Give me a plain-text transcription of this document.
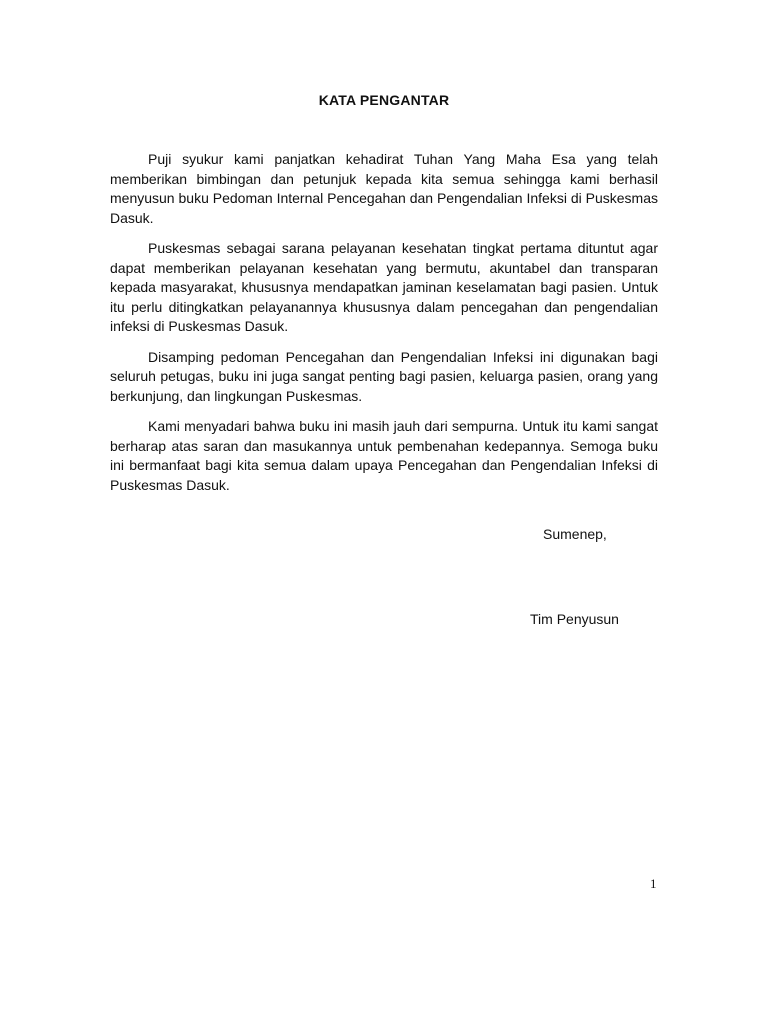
KATA PENGANTAR

Puji syukur kami panjatkan kehadirat Tuhan Yang Maha Esa yang telah memberikan bimbingan dan petunjuk kepada kita semua sehingga kami berhasil menyusun buku Pedoman Internal Pencegahan dan Pengendalian Infeksi di Puskesmas Dasuk.

Puskesmas sebagai sarana pelayanan kesehatan tingkat pertama dituntut agar dapat memberikan pelayanan kesehatan yang bermutu, akuntabel dan transparan kepada masyarakat, khususnya mendapatkan jaminan keselamatan bagi pasien. Untuk itu perlu ditingkatkan pelayanannya khususnya dalam pencegahan dan pengendalian infeksi di Puskesmas Dasuk.

Disamping pedoman Pencegahan dan Pengendalian Infeksi ini digunakan bagi seluruh petugas, buku ini juga sangat penting bagi pasien, keluarga pasien, orang yang berkunjung, dan lingkungan Puskesmas.

Kami menyadari bahwa buku ini masih jauh dari sempurna. Untuk itu kami sangat berharap atas saran dan masukannya untuk pembenahan kedepannya. Semoga buku ini bermanfaat bagi kita semua dalam upaya Pencegahan dan Pengendalian Infeksi di Puskesmas Dasuk.

Sumenep,
Tim Penyusun
1
